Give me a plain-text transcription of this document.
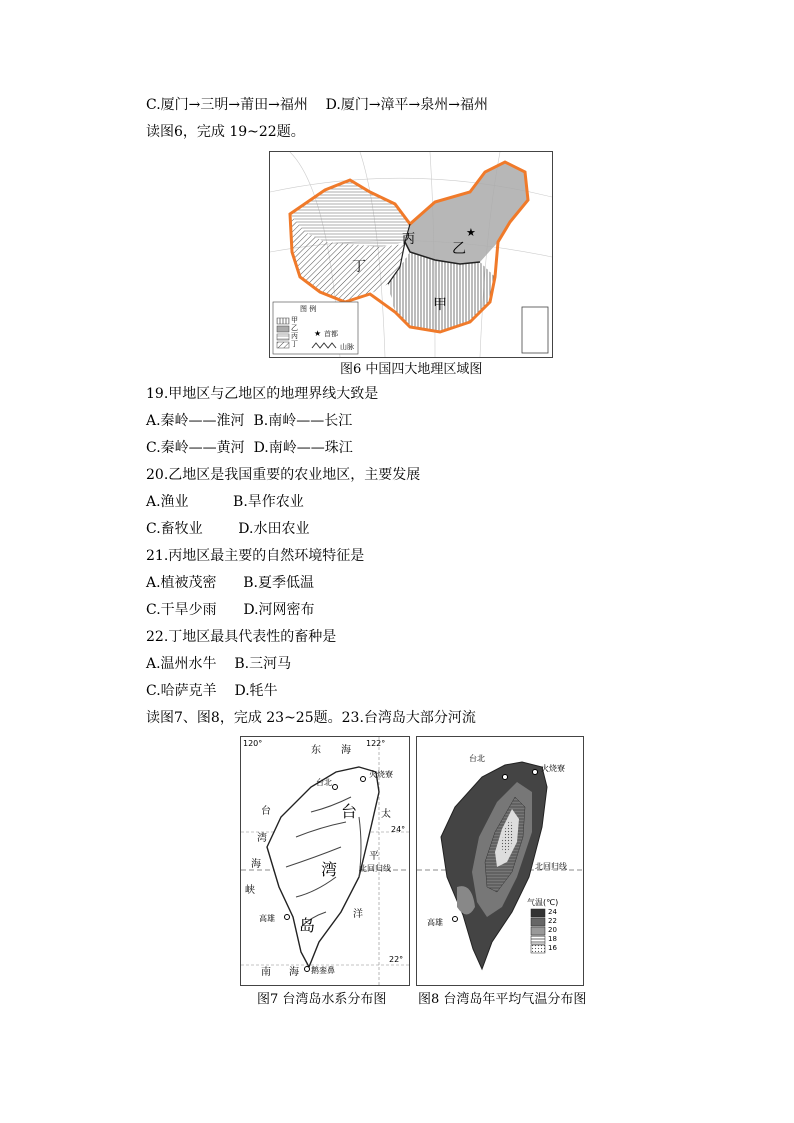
C.厦门→三明→莆田→福州    D.厦门→漳平→泉州→福州
读图6，完成 19~22题。
★
★
丙
乙
丁
甲
图 例
甲
乙
丙
丁
首都
山脉
图6 中国四大地理区域图
19.甲地区与乙地区的地理界线大致是
A.秦岭——淮河  B.南岭——长江
C.秦岭——黄河  D.南岭——珠江
20.乙地区是我国重要的农业地区，主要发展
A.渔业          B.旱作农业
C.畜牧业        D.水田农业
21.丙地区最主要的自然环境特征是
A.植被茂密      B.夏季低温
C.干旱少雨      D.河网密布
22.丁地区最具代表性的畜种是
A.温州水牛    B.三河马
C.哈萨克羊    D.牦牛
读图7、图8，完成 23~25题。23.台湾岛大部分河流
120°	122°
24°
22°
东 海
台
湾
海
峡
太
平
洋
南 海
台
湾
岛
台北
火烧寮
北回归线
高雄
鹅銮鼻
图7 台湾岛水系分布图
台北
火烧寮
北回归线
高雄
气温(℃)
24
22
20
18
16
图8 台湾岛年平均气温分布图
